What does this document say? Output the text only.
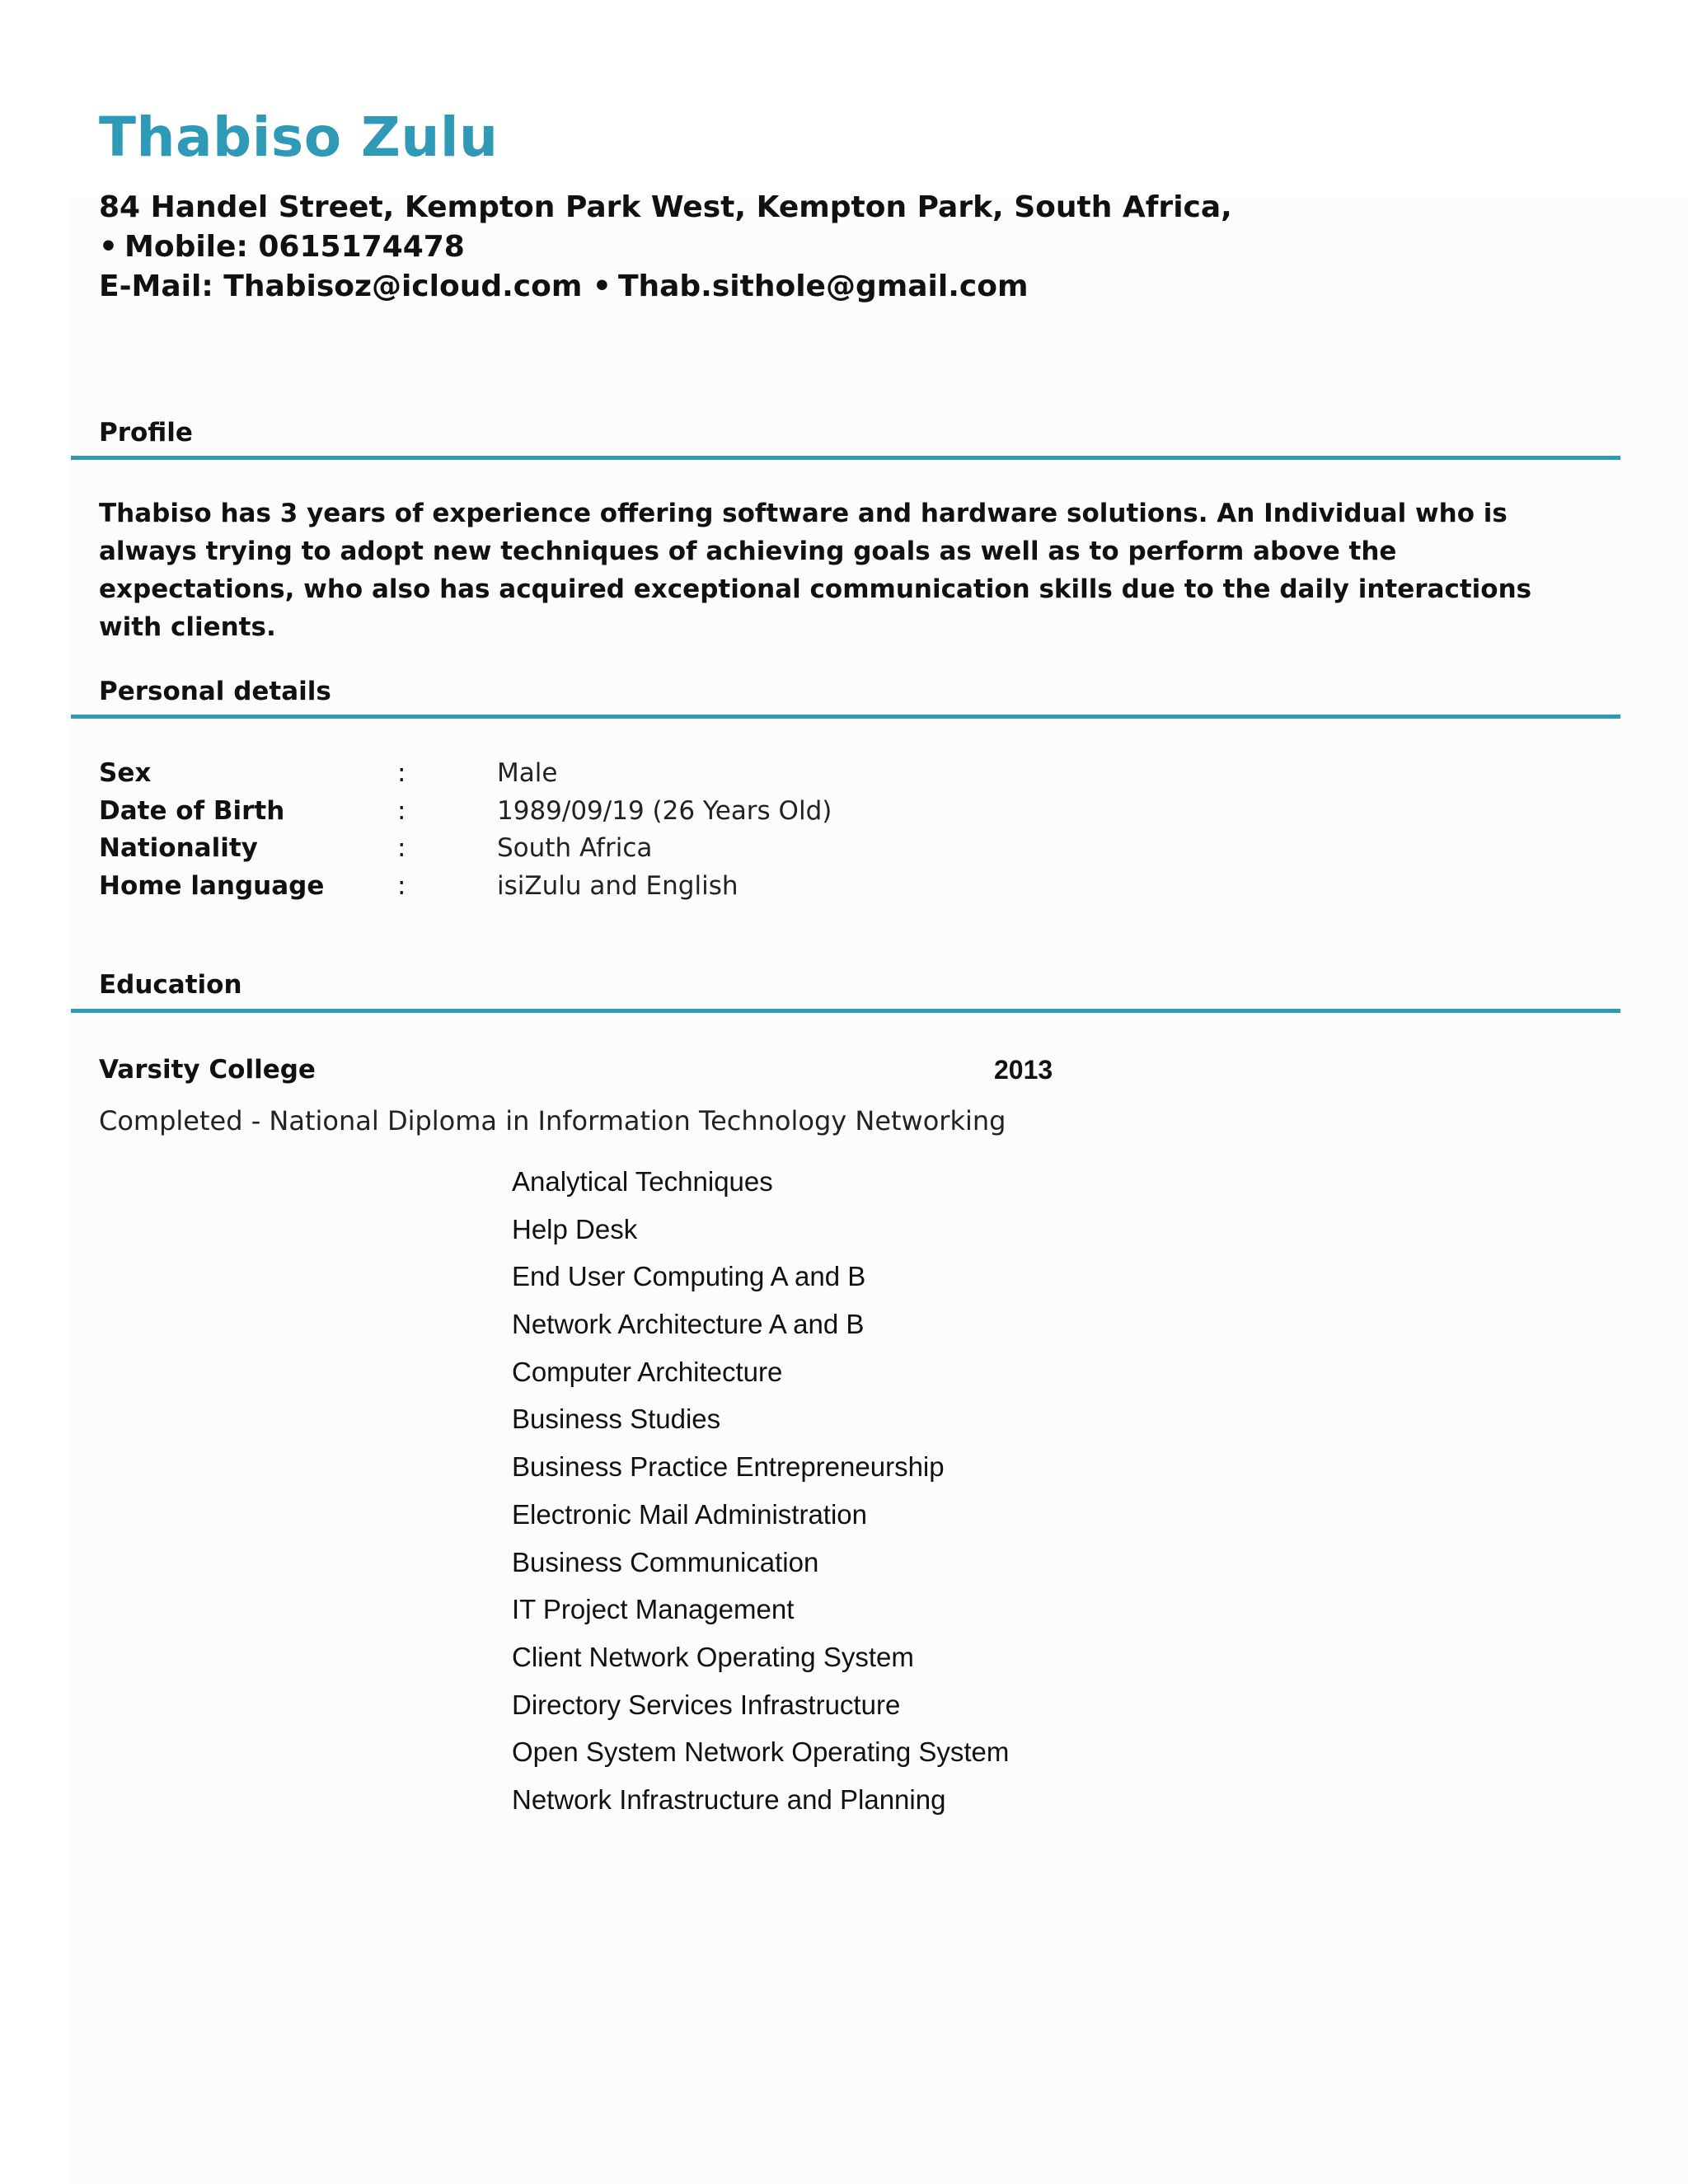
Thabiso Zulu
84 Handel Street, Kempton Park West, Kempton Park, South Africa,
• Mobile: 0615174478
E-Mail: Thabisoz@icloud.com • Thab.sithole@gmail.com
Profile

Thabiso has 3 years of experience offering software and hardware solutions. An Individual who is always trying to adopt new techniques of achieving goals as well as to perform above the expectations, who also has acquired exceptional communication skills due to the daily interactions with clients.

Personal details
Sex	:	Male
Date of Birth	:	1989/09/19 (26 Years Old)
Nationality	:	South Africa
Home language	:	isiZulu and English
Education
Varsity College	2013
Completed - National Diploma in Information Technology Networking
Analytical Techniques
Help Desk
End User Computing A and B
Network Architecture A and B
Computer Architecture
Business Studies
Business Practice Entrepreneurship
Electronic Mail Administration
Business Communication
IT Project Management
Client Network Operating System
Directory Services Infrastructure
Open System Network Operating System
Network Infrastructure and Planning
